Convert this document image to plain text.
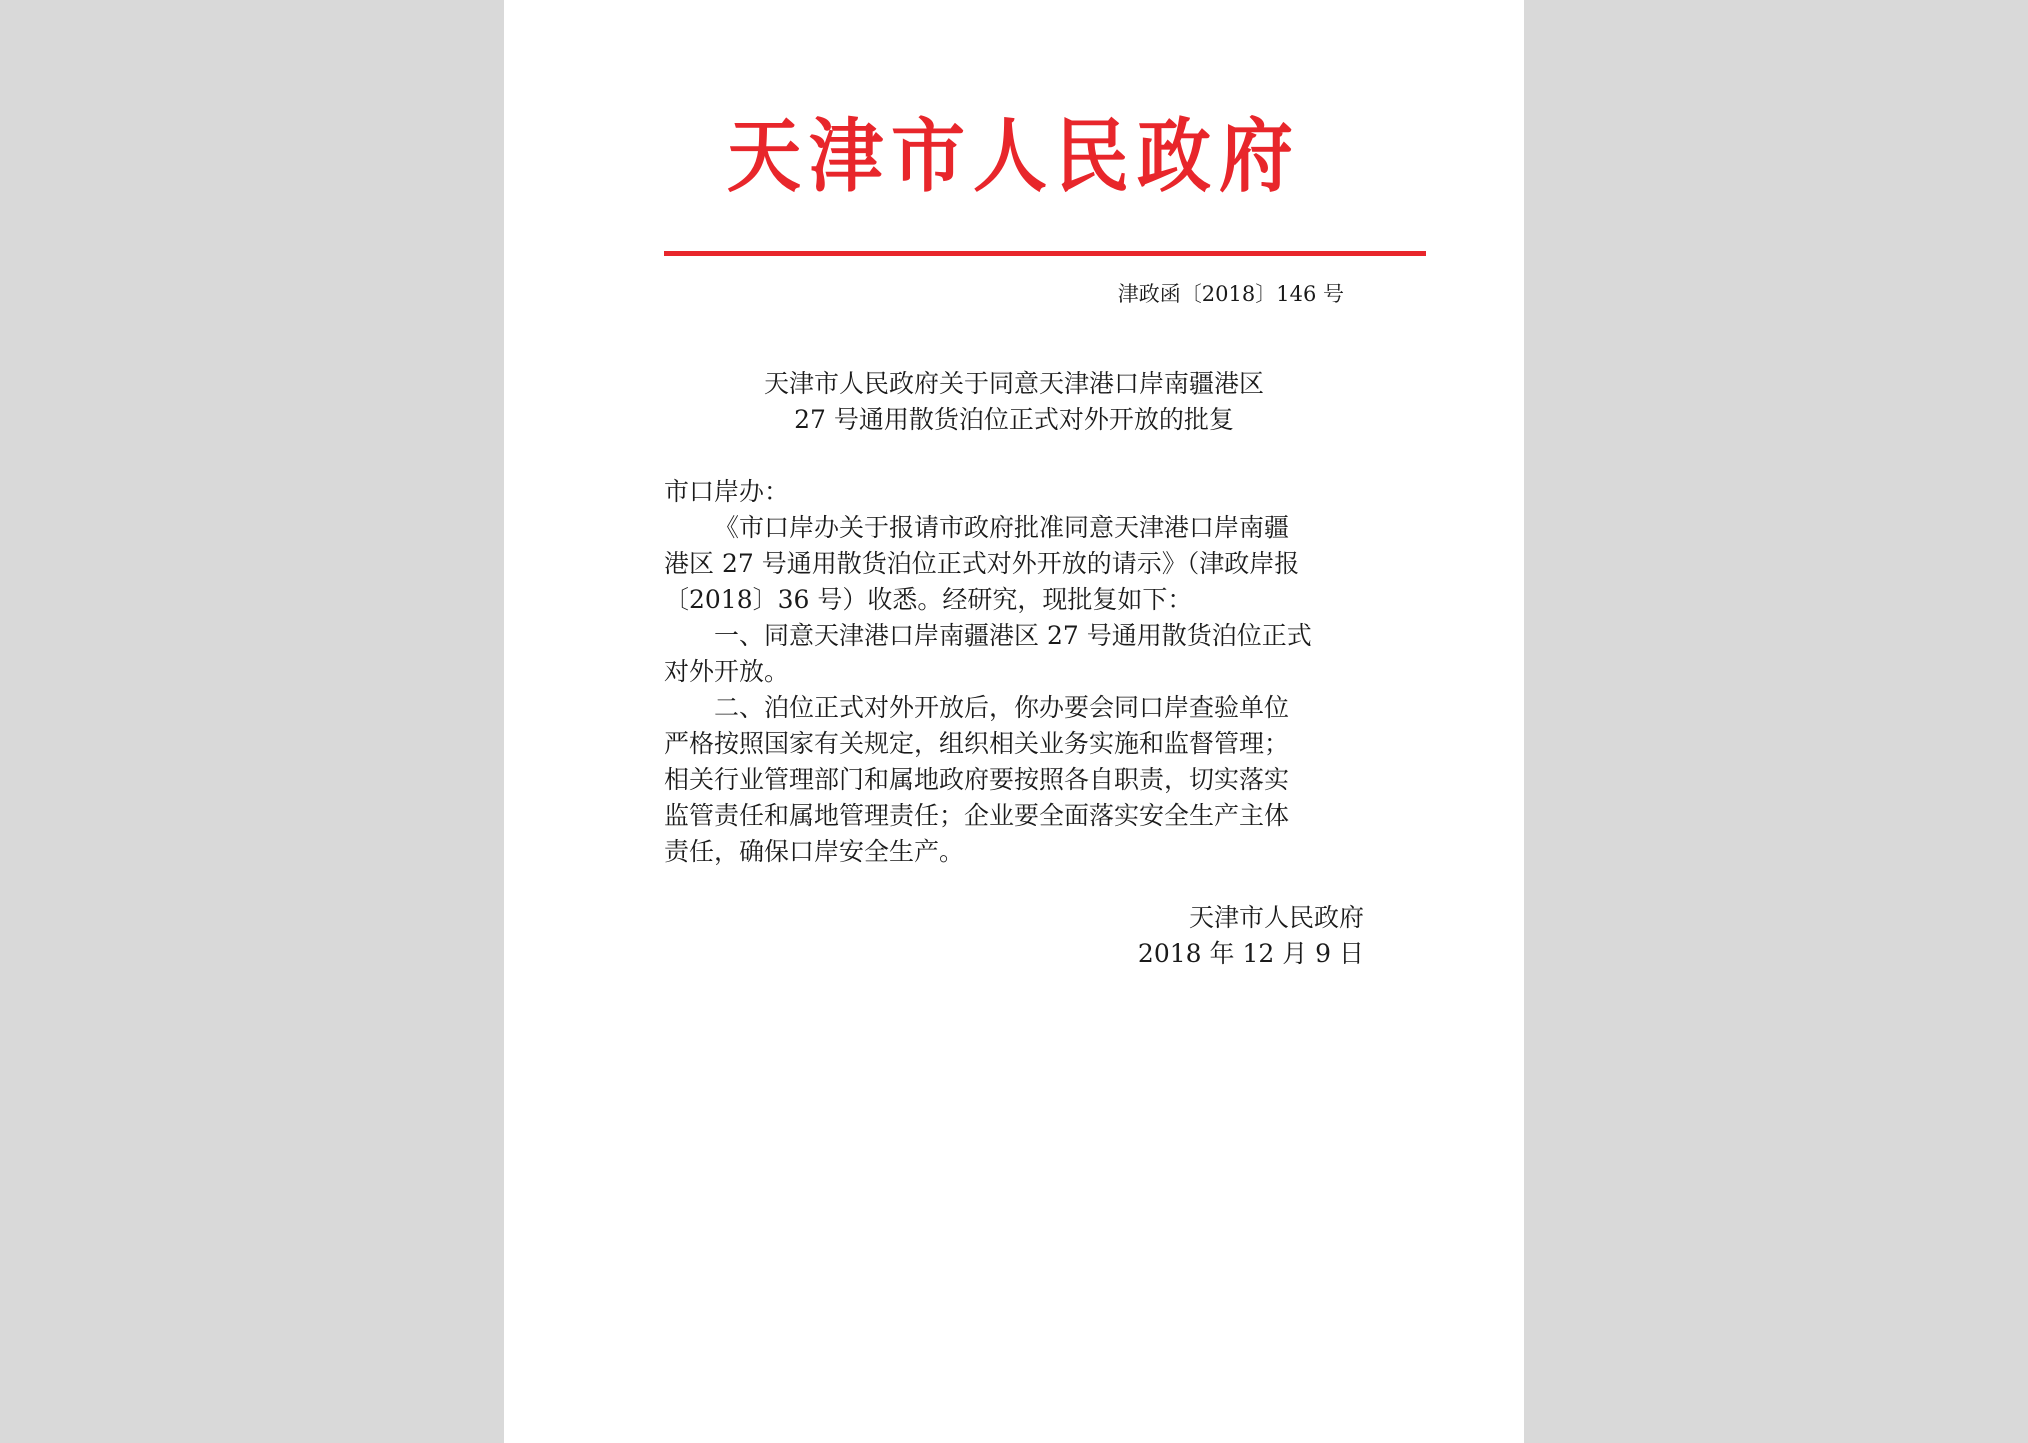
天津市人民政府
津政函〔2018〕146 号
天津市人民政府关于同意天津港口岸南疆港区
27 号通用散货泊位正式对外开放的批复
市口岸办：
《市口岸办关于报请市政府批准同意天津港口岸南疆
港区 27 号通用散货泊位正式对外开放的请示》（津政岸报
〔2018〕36 号）收悉。经研究，现批复如下：
一、同意天津港口岸南疆港区 27 号通用散货泊位正式
对外开放。
二、泊位正式对外开放后，你办要会同口岸查验单位
严格按照国家有关规定，组织相关业务实施和监督管理；
相关行业管理部门和属地政府要按照各自职责，切实落实
监管责任和属地管理责任；企业要全面落实安全生产主体
责任，确保口岸安全生产。
天津市人民政府
2018 年 12 月 9 日
